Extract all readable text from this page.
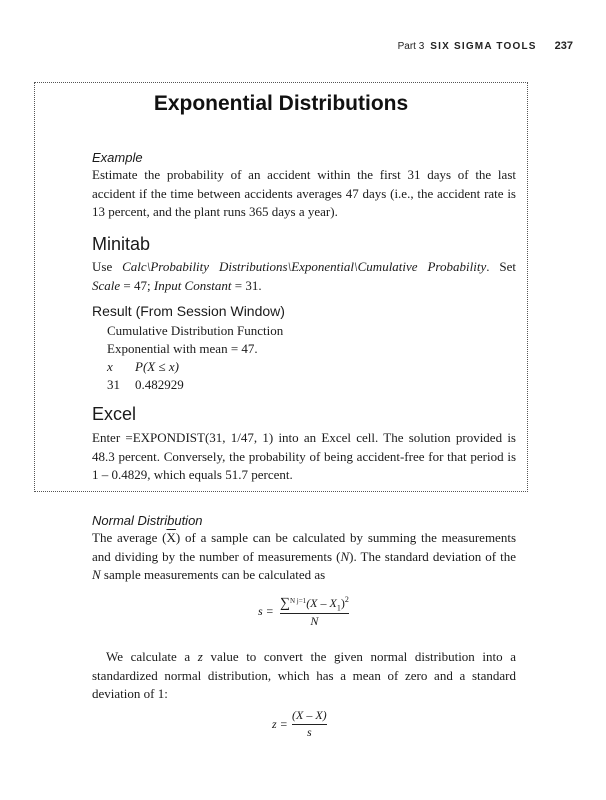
Part 3 SIX SIGMA TOOLS 237
Exponential Distributions
Example
Estimate the probability of an accident within the first 31 days of the last accident if the time between accidents averages 47 days (i.e., the accident rate is 13 percent, and the plant runs 365 days a year).
Minitab
Use Calc\Probability Distributions\Exponential\Cumulative Probability. Set Scale = 47; Input Constant = 31.
Result (From Session Window)
Cumulative Distribution Function
Exponential with mean = 47.
x P(X ≤ x)
31 0.482929
Excel
Enter =EXPONDIST(31, 1/47, 1) into an Excel cell. The solution provided is 48.3 percent. Conversely, the probability of being accident-free for that period is 1 – 0.4829, which equals 51.7 percent.
Normal Distribution
The average $(\overline{X})$ of a sample can be calculated by summing the measurements and dividing by the number of measurements (N). The standard deviation of the N sample measurements can be calculated as
$s = \sum^{N j=1}(X - X_1)^2$
N
We calculate a z value to convert the given normal distribution into a standardized normal distribution, which has a mean of zero and a standard deviation of 1:
$z = \frac{(X - X)}{s}$
